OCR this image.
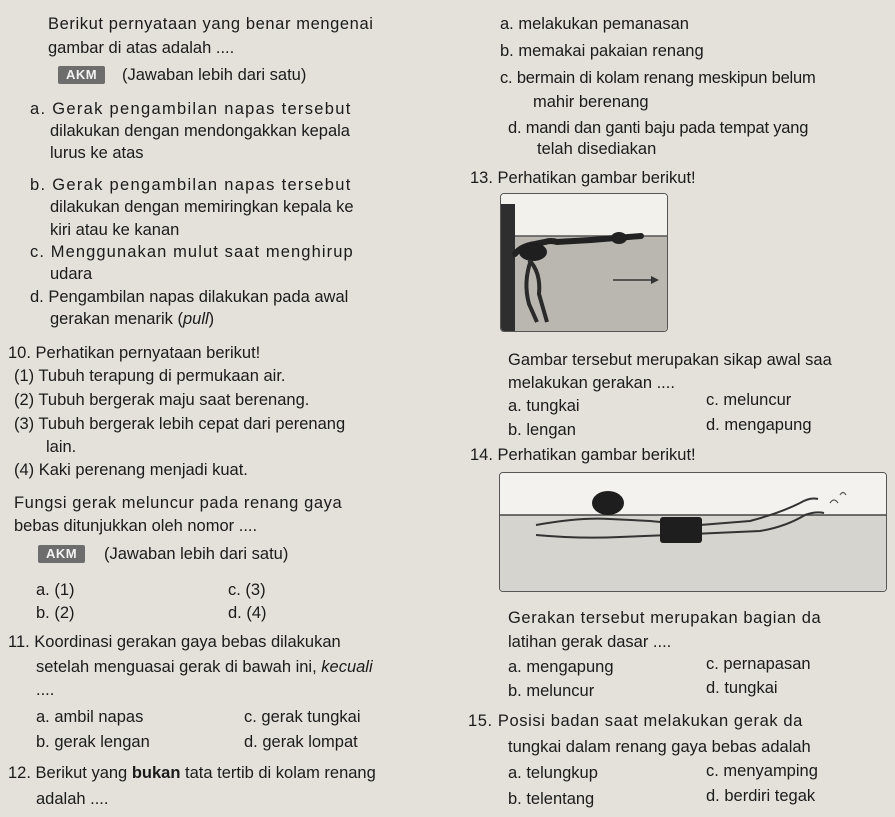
Berikut pernyataan yang benar mengenai
gambar di atas adalah ....
AKM	(Jawaban lebih dari satu)
a. Gerak pengambilan napas tersebut
dilakukan dengan mendongakkan kepala
lurus ke atas
b. Gerak pengambilan napas tersebut
dilakukan dengan memiringkan kepala ke
kiri atau ke kanan
c. Menggunakan mulut saat menghirup
udara
d. Pengambilan napas dilakukan pada awal
gerakan menarik (pull)
10. Perhatikan pernyataan berikut!
(1) Tubuh terapung di permukaan air.
(2) Tubuh bergerak maju saat berenang.
(3) Tubuh bergerak lebih cepat dari perenang
lain.
(4) Kaki perenang menjadi kuat.
Fungsi gerak meluncur pada renang gaya
bebas ditunjukkan oleh nomor ....
AKM	(Jawaban lebih dari satu)
a. (1)	c. (3)
b. (2)	d. (4)
11. Koordinasi gerakan gaya bebas dilakukan
setelah menguasai gerak di bawah ini, kecuali
....
a. ambil napas	c. gerak tungkai
b. gerak lengan	d. gerak lompat
12. Berikut yang bukan tata tertib di kolam renang
adalah ....
a. melakukan pemanasan
b. memakai pakaian renang
c. bermain di kolam renang meskipun belum
mahir berenang
d. mandi dan ganti baju pada tempat yang
telah disediakan
13. Perhatikan gambar berikut!
Gambar tersebut merupakan sikap awal saa
melakukan gerakan ....
a. tungkai	c. meluncur
b. lengan	d. mengapung
14. Perhatikan gambar berikut!
Gerakan tersebut merupakan bagian da
latihan gerak dasar ....
a. mengapung	c. pernapasan
b. meluncur	d. tungkai
15. Posisi badan saat melakukan gerak da
tungkai dalam renang gaya bebas adalah
a. telungkup	c. menyamping
b. telentang	d. berdiri tegak
